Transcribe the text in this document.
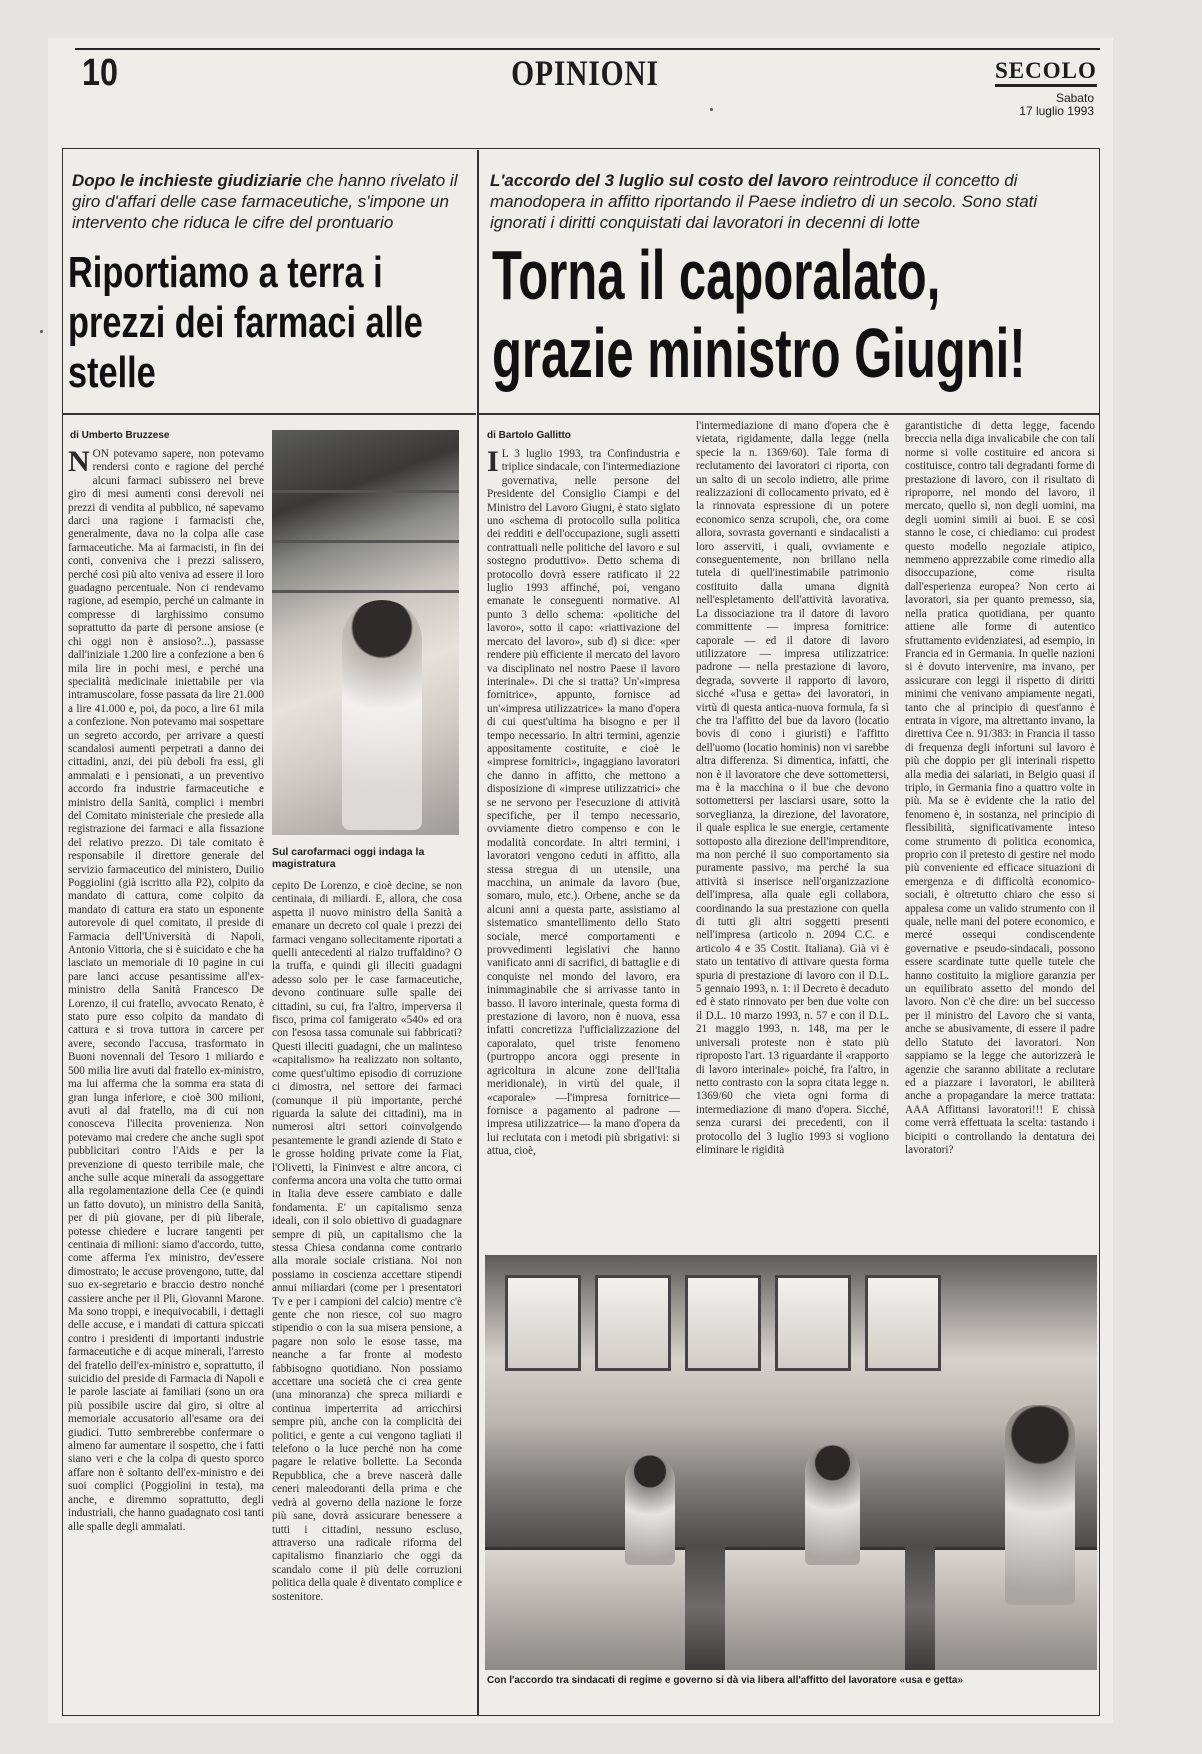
10	OPINIONI	SECOLO
Sabato
17 luglio 1993
Dopo le inchieste giudiziarie che hanno rivelato il giro d'affari delle case farmaceutiche, s'impone un intervento che riduca le cifre del prontuario
Riportiamo a terra i prezzi dei farmaci alle stelle
di Umberto Bruzzese
N ON potevamo sapere, non potevamo rendersi conto e ragione del perché alcuni farmaci subissero nel breve giro di mesi aumenti consi derevoli nei prezzi di vendita al pubblico, né sapevamo darci una ragione i farmacisti che, generalmente, dava no la colpa alle case farmaceutiche. Ma ai farmacisti, in fin dei conti, conveniva che i prezzi salissero, perché così più alto veniva ad essere il loro guadagno percentuale. Non ci rendevamo ragione, ad esempio, perché un calmante in compresse di larghissimo consumo soprattutto da parte di persone ansiose (e chi oggi non è ansioso?...), passasse dall'iniziale 1.200 lire a confezione a ben 6 mila lire in pochi mesi, e perché una specialità medicinale iniettabile per via intramuscolare, fosse passata da lire 21.000 a lire 41.000 e, poi, da poco, a lire 61 mila a confezione. Non potevamo mai sospettare un segreto accordo, per arrivare a questi scandalosi aumenti perpetrati a danno dei cittadini, anzi, dei più deboli fra essi, gli ammalati e i pensionati, a un preventivo accordo fra industrie farmaceutiche e ministro della Sanità, complici i membri del Comitato ministeriale che presiede alla registrazione dei farmaci e alla fissazione del relativo prezzo. Di tale comitato è responsabile il direttore generale del servizio farmaceutico del ministero, Duilio Poggiolini (già iscritto alla P2), colpito da mandato di cattura, come colpito da mandato di cattura era stato un esponente autorevole di quel comitato, il preside di Farmacia dell'Università di Napoli, Antonio Vittoria, che si è suicidato e che ha lasciato un memoriale di 10 pagine in cui pare lanci accuse pesantissime all'ex-ministro della Sanità Francesco De Lorenzo, il cui fratello, avvocato Renato, è stato pure esso colpito da mandato di cattura e si trova tuttora in carcere per avere, secondo l'accusa, trasformato in Buoni novennali del Tesoro 1 miliardo e 500 milia lire avuti dal fratello ex-ministro, ma lui afferma che la somma era stata di gran lunga inferiore, e cioè 300 milioni, avuti al dal fratello, ma di cui non conosceva l'illecita provenienza. Non potevamo mai credere che anche sugli spot pubblicitari contro l'Aids e per la prevenzione di questo terribile male, che anche sulle acque minerali da assoggettare alla regolamentazione della Cee (e quindi un fatto dovuto), un ministro della Sanità, per di più giovane, per di più liberale, potesse chiedere e lucrare tangenti per centinaia di milioni: siamo d'accordo, tutto, come afferma l'ex ministro, dev'essere dimostrato; le accuse provengono, tutte, dal suo ex-segretario e braccio destro nonché cassiere anche per il Pli, Giovanni Marone. Ma sono troppi, e inequivocabili, i dettagli delle accuse, e i mandati di cattura spiccati contro i presidenti di importanti industrie farmaceutiche e di acque minerali, l'arresto del fratello dell'ex-ministro e, soprattutto, il suicidio del preside di Farmacia di Napoli e le parole lasciate ai familiari (sono un ora più possibile uscire dal giro, si oltre al memoriale accusatorio all'esame ora dei giudici. Tutto sembrerebbe confermare o almeno far aumentare il sospetto, che i fatti siano veri e che la colpa di questo sporco affare non è soltanto dell'ex-ministro e dei suoi complici (Poggiolini in testa), ma anche, e diremmo soprattutto, degli industriali, che hanno guadagnato cosi tanti alle spalle degli ammalati.
Sul carofarmaci oggi indaga la magistratura
cepito De Lorenzo, e cioè decine, se non centinaia, di miliardi. E, allora, che cosa aspetta il nuovo ministro della Sanità a emanare un decreto col quale i prezzi dei farmaci vengano sollecitamente riportati a quelli antecedenti al rialzo truffaldino? O la truffa, e quindi gli illeciti guadagni adesso solo per le case farmaceutiche, devono continuare sulle spalle dei cittadini, su cui, fra l'altro, imperversa il fisco, prima col famigerato «540» ed ora con l'esosa tassa comunale sui fabbricati? Questi illeciti guadagni, che un malinteso «capitalismo» ha realizzato non soltanto, come quest'ultimo episodio di corruzione ci dimostra, nel settore dei farmaci (comunque il più importante, perché riguarda la salute dei cittadini), ma in numerosi altri settori coinvolgendo pesantemente le grandi aziende di Stato e le grosse holding private come la Fiat, l'Olivetti, la Fininvest e altre ancora, ci conferma ancora una volta che tutto ormai in Italia deve essere cambiato e dalle fondamenta. E' un capitalismo senza ideali, con il solo obiettivo di guadagnare sempre di più, un capitalismo che la stessa Chiesa condanna come contrario alla morale sociale cristiana. Noi non possiamo in coscienza accettare stipendi annui miliardari (come per i presentatori Tv e per i campioni del calcio) mentre c'è gente che non riesce, col suo magro stipendio o con la sua misera pensione, a pagare non solo le esose tasse, ma neanche a far fronte al modesto fabbisogno quotidiano. Non possiamo accettare una società che ci crea gente (una minoranza) che spreca miliardi e continua imperterrita ad arricchirsi sempre più, anche con la complicità dei politici, e gente a cui vengono tagliati il telefono o la luce perché non ha come pagare le relative bollette. La Seconda Repubblica, che a breve nascerà dalle ceneri maleodoranti della prima e che vedrà al governo della nazione le forze più sane, dovrà assicurare benessere a tutti i cittadini, nessuno escluso, attraverso una radicale riforma del capitalismo finanziario che oggi da scandalo come il più delle corruzioni politica della quale è diventato complice e sostenitore.
L'accordo del 3 luglio sul costo del lavoro reintroduce il concetto di manodopera in affitto riportando il Paese indietro di un secolo. Sono stati ignorati i diritti conquistati dai lavoratori in decenni di lotte
Torna il caporalato, grazie ministro Giugni!
di Bartolo Gallitto
I L 3 luglio 1993, tra Confindustria e triplice sindacale, con l'intermediazione governativa, nelle persone del Presidente del Consiglio Ciampi e del Ministro del Lavoro Giugni, è stato siglato uno «schema di protocollo sulla politica dei redditi e dell'occupazione, sugli assetti contrattuali nelle politiche del lavoro e sul sostegno produttivo». Detto schema di protocollo dovrà essere ratificato il 22 luglio 1993 affinché, poi, vengano emanate le conseguenti normative. Al punto 3 dello schema: «politiche del lavoro», sotto il capo: «riattivazione del mercato del lavoro», sub d) si dice: «per rendere più efficiente il mercato del lavoro va disciplinato nel nostro Paese il lavoro interinale». Di che si tratta? Un'«impresa fornitrice», appunto, fornisce ad un'«impresa utilizzatrice» la mano d'opera di cui quest'ultima ha bisogno e per il tempo necessario. In altri termini, agenzie appositamente costituite, e cioè le «imprese fornitrici», ingaggiano lavoratori che danno in affitto, che mettono a disposizione di «imprese utilizzatrici» che se ne servono per l'esecuzione di attività specifiche, per il tempo necessario, ovviamente dietro compenso e con le modalità concordate. In altri termini, i lavoratori vengono ceduti in affitto, alla stessa stregua di un utensile, una macchina, un animale da lavoro (bue, somaro, mulo, etc.). Orbene, anche se da alcuni anni a questa parte, assistiamo al sistematico smantellimento dello Stato sociale, mercé comportamenti e provvedimenti legislativi che hanno vanificato anni di sacrifici, di battaglie e di conquiste nel mondo del lavoro, era inimmaginabile che si arrivasse tanto in basso. Il lavoro interinale, questa forma di prestazione di lavoro, non è nuova, essa infatti concretizza l'ufficializzazione del caporalato, quel triste fenomeno (purtroppo ancora oggi presente in agricoltura in alcune zone dell'Italia meridionale), in virtù del quale, il «caporale» —l'impresa fornitrice— fornisce a pagamento al padrone —impresa utilizzatrice— la mano d'opera da lui reclutata con i metodi più sbrigativi: si attua, cioè,
l'intermediazione di mano d'opera che è vietata, rigidamente, dalla legge (nella specie la n. 1369/60). Tale forma di reclutamento dei lavoratori ci riporta, con un salto di un secolo indietro, alle prime realizzazioni di collocamento privato, ed è la rinnovata espressione di un potere economico senza scrupoli, che, ora come allora, sovrasta governanti e sindacalisti a loro asserviti, i quali, ovviamente e conseguentemente, non brillano nella tutela di quell'inestimabile patrimonio costituito dalla umana dignità nell'espletamento dell'attività lavorativa. La dissociazione tra il datore di lavoro committente — impresa fornitrice: caporale — ed il datore di lavoro utilizzatore — impresa utilizzatrice: padrone — nella prestazione di lavoro, degrada, sovverte il rapporto di lavoro, sicché «l'usa e getta» dei lavoratori, in virtù di questa antica-nuova formula, fa sì che tra l'affitto del bue da lavoro (locatio bovis di cono i giuristi) e l'affitto dell'uomo (locatio hominis) non vi sarebbe altra differenza. Si dimentica, infatti, che non è il lavoratore che deve sottomettersi, ma è la macchina o il bue che devono sottomettersi per lasciarsi usare, sotto la sorveglianza, la direzione, del lavoratore, il quale esplica le sue energie, certamente sottoposto alla direzione dell'imprenditore, ma non perché il suo comportamento sia puramente passivo, ma perché la sua attività si inserisce nell'organizzazione dell'impresa, alla quale egli collabora, coordinando la sua prestazione con quella di tutti gli altri soggetti presenti nell'impresa (articolo n. 2094 C.C. e articolo 4 e 35 Costit. Italiana). Già vi è stato un tentativo di attivare questa forma spuria di prestazione di lavoro con il D.L. 5 gennaio 1993, n. 1: il Decreto è decaduto ed è stato rinnovato per ben due volte con il D.L. 10 marzo 1993, n. 57 e con il D.L. 21 maggio 1993, n. 148, ma per le universali proteste non è stato più riproposto l'art. 13 riguardante il «rapporto di lavoro interinale» poiché, fra l'altro, in netto contrasto con la sopra citata legge n. 1369/60 che vieta ogni forma di intermediazione di mano d'opera. Sicché, senza curarsi dei precedenti, con il protocollo del 3 luglio 1993 si vogliono eliminare le rigidità
garantistiche di detta legge, facendo breccia nella diga invalicabile che con tali norme si volle costituire ed ancora si costituisce, contro tali degradanti forme di prestazione di lavoro, con il risultato di riproporre, nel mondo del lavoro, il mercato, quello sì, non degli uomini, ma degli uomini simili ai buoi. E se così stanno le cose, ci chiediamo: cui prodest questo modello negoziale atipico, nemmeno apprezzabile come rimedio alla disoccupazione, come risulta dall'esperienza europea? Non certo ai lavoratori, sia per quanto premesso, sia, nella pratica quotidiana, per quanto attiene alle forme di autentico sfruttamento evidenziatesi, ad esempio, in Francia ed in Germania. In quelle nazioni si è dovuto intervenire, ma invano, per assicurare con leggi il rispetto di diritti minimi che venivano ampiamente negati, tanto che al principio di quest'anno è entrata in vigore, ma altrettanto invano, la direttiva Cee n. 91/383: in Francia il tasso di frequenza degli infortuni sul lavoro è più che doppio per gli interinali rispetto alla media dei salariati, in Belgio quasi il triplo, in Germania fino a quattro volte in più. Ma se è evidente che la ratio del fenomeno è, in sostanza, nel principio di flessibilità, significativamente inteso come strumento di politica economica, proprio con il pretesto di gestire nel modo più conveniente ed efficace situazioni di emergenza e di difficoltà economico-sociali, è oltretutto chiaro che esso si appalesa come un valido strumento con il quale, nelle mani del potere economico, e mercé ossequi condiscendente governative e pseudo-sindacali, possono essere scardinate tutte quelle tutele che hanno costituito la migliore garanzia per un equilibrato assetto del mondo del lavoro. Non c'è che dire: un bel successo per il ministro del Lavoro che si vanta, anche se abusivamente, di essere il padre dello Statuto dei lavoratori. Non sappiamo se la legge che autorizzerà le agenzie che saranno abilitate a reclutare ed a piazzare i lavoratori, le abiliterà anche a propagandare la merce trattata: AAA Affittansi lavoratori!!! E chissà come verrà effettuata la scelta: tastando i bicipiti o controllando la dentatura dei lavoratori?
Con l'accordo tra sindacati di regime e governo si dà via libera all'affitto del lavoratore «usa e getta»
